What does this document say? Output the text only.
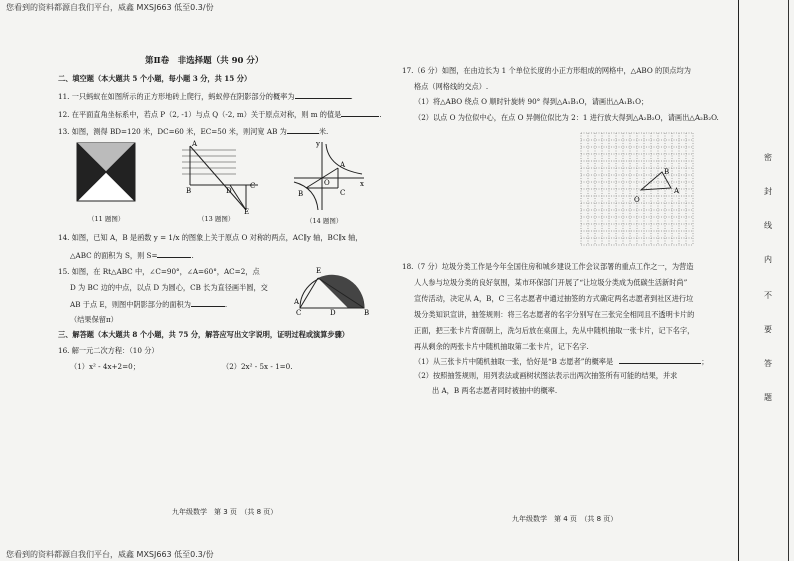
您看到的资料都源自我们平台，威鑫 MXSJ663 低至0.3/份
您看到的资料都源自我们平台，威鑫 MXSJ663 低至0.3/份
第Ⅱ卷　非选择题（共 90 分）
二、填空题（本大题共 5 个小题，每小题 3 分，共 15 分）
11. 一只蚂蚁在如图所示的正方形地砖上爬行，蚂蚁停在阴影部分的概率为	.
12. 在平面直角坐标系中，若点 P（2, -1）与点 Q（-2, m）关于原点对称，则 m 的值是	.
13. 如图，测得 BD=120 米，DC=60 米，EC=50 米，则河宽 AB 为	米.
（11 题图）
B	D
C
E
A
（13 题图）
y
A
O	x
B	C
（14 题图）
14. 如图，已知 A，B 是函数 y = 1/x 的图象上关于原点 O 对称的两点，AC∥y 轴，BC∥x 轴，
△ABC 的面积为 S，则 S=	.
15. 如图，在 Rt△ABC 中，∠C=90°，∠A=60°，AC=2，点
D 为 BC 边的中点，以点 D 为圆心，CB 长为直径画半圆，交
AB 于点 E，则图中阴影部分的面积为	.
（结果保留π）
E
A
C	D	B
三、解答题（本大题共 8 个小题，共 75 分，解答应写出文字说明，证明过程或演算步骤）
16. 解一元二次方程：（10 分）
（1）x² - 4x+2=0；	（2）2x² - 5x - 1=0.
九年级数学　第 3 页　（共 8 页）
17.（6 分）如图，在由边长为 1 个单位长度的小正方形组成的网格中，△ABO 的顶点均为
格点（网格线的交点）.
（1）将△ABO 绕点 O 顺时针旋转 90° 得到△A₁B₁O，请画出△A₁B₁O；
（2）以点 O 为位似中心，在点 O 异侧位似比为 2：1 进行放大得到△A₂B₂O，请画出△A₂B₂O.
B
A
O
18.（7 分）垃圾分类工作是今年全国住房和城乡建设工作会议部署的重点工作之一，为营造
人人参与垃圾分类的良好氛围，某市环保部门开展了“让垃圾分类成为低碳生活新时尚”
宣传活动，决定从 A，B，C 三名志愿者中通过抽签的方式确定两名志愿者到社区进行垃
圾分类知识宣讲，抽签规则：将三名志愿者的名字分别写在三张完全相同且不透明卡片的
正面，把三张卡片背面朝上，洗匀后放在桌面上，先从中随机抽取一张卡片，记下名字，
再从剩余的两张卡片中随机抽取第二张卡片，记下名字.
（1）从三张卡片中随机抽取一张，恰好是“B 志愿者”的概率是	；
（2）按照抽签规则，用列表法或画树状图法表示出两次抽签所有可能的结果，并求
出 A，B 两名志愿者同时被抽中的概率.
九年级数学　第 4 页　（共 8 页）
密
封
线
内
不
要
答
题
